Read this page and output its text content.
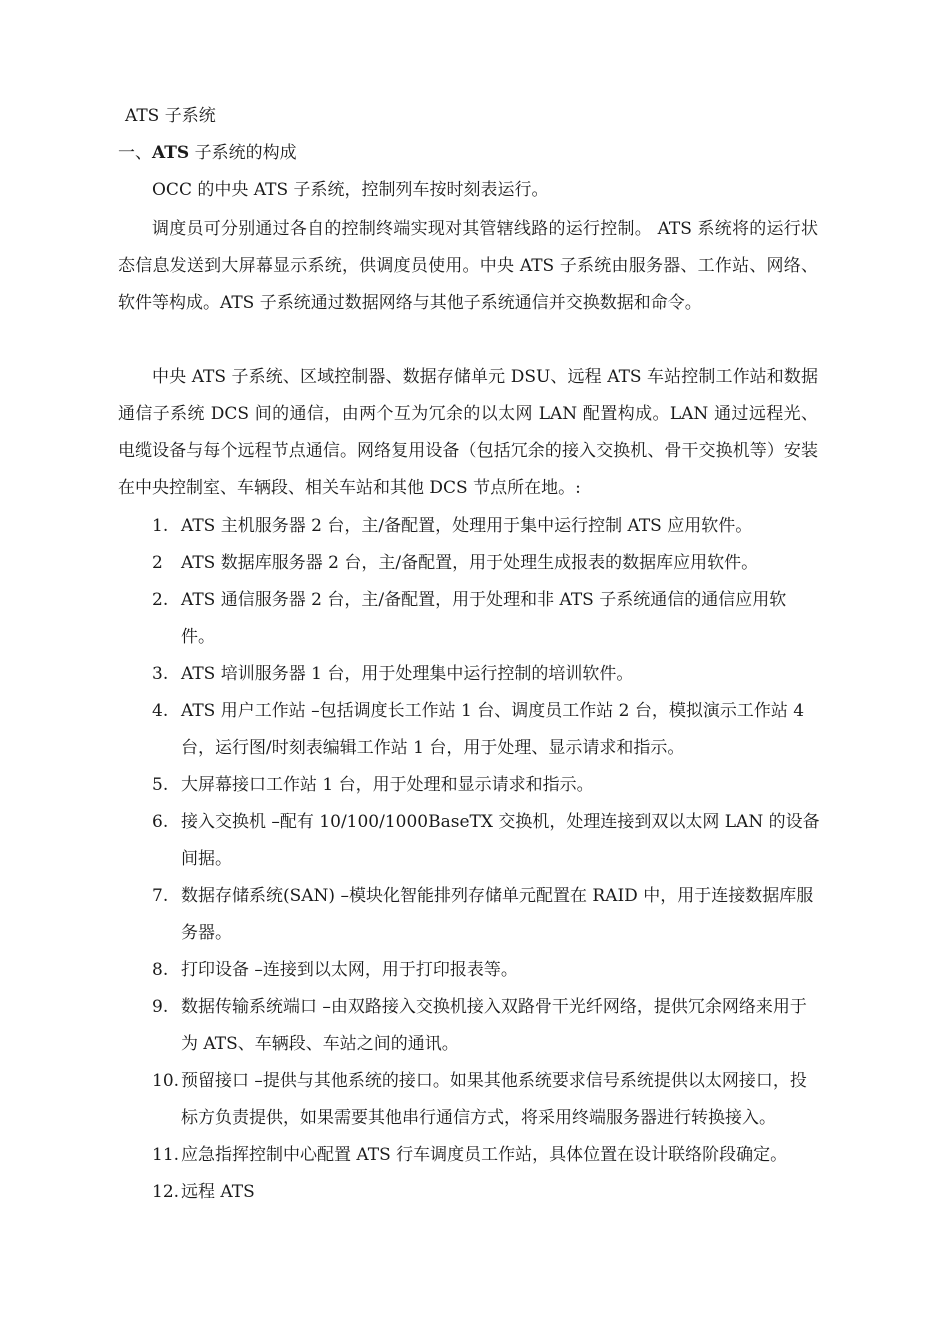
ATS 子系统
一、ATS 子系统的构成

OCC 的中央 ATS 子系统，控制列车按时刻表运行。

调度员可分别通过各自的控制终端实现对其管辖线路的运行控制。 ATS 系统将的运行状态信息发送到大屏幕显示系统，供调度员使用。中央 ATS 子系统由服务器、工作站、网络、软件等构成。ATS 子系统通过数据网络与其他子系统通信并交换数据和命令。

中央 ATS 子系统、区域控制器、数据存储单元 DSU、远程 ATS 车站控制工作站和数据通信子系统 DCS 间的通信，由两个互为冗余的以太网 LAN 配置构成。LAN 通过远程光、电缆设备与每个远程节点通信。网络复用设备（包括冗余的接入交换机、骨干交换机等）安装在中央控制室、车辆段、相关车站和其他 DCS 节点所在地。:

1. ATS 主机服务器 2 台，主/备配置，处理用于集中运行控制 ATS 应用软件。
2 ATS 数据库服务器 2 台，主/备配置，用于处理生成报表的数据库应用软件。
2. ATS 通信服务器 2 台，主/备配置，用于处理和非 ATS 子系统通信的通信应用软件。
3. ATS 培训服务器 1 台，用于处理集中运行控制的培训软件。
4. ATS 用户工作站 –包括调度长工作站 1 台、调度员工作站 2 台，模拟演示工作站 4 台，运行图/时刻表编辑工作站 1 台，用于处理、显示请求和指示。
5. 大屏幕接口工作站 1 台，用于处理和显示请求和指示。
6. 接入交换机 –配有 10/100/1000BaseTX 交换机，处理连接到双以太网 LAN 的设备间据。
7. 数据存储系统(SAN) –模块化智能排列存储单元配置在 RAID 中，用于连接数据库服务器。
8. 打印设备 –连接到以太网，用于打印报表等。
9. 数据传输系统端口 –由双路接入交换机接入双路骨干光纤网络，提供冗余网络来用于为 ATS、车辆段、车站之间的通讯。
10. 预留接口 –提供与其他系统的接口。如果其他系统要求信号系统提供以太网接口，投标方负责提供，如果需要其他串行通信方式，将采用终端服务器进行转换接入。
11. 应急指挥控制中心配置 ATS 行车调度员工作站，具体位置在设计联络阶段确定。
12. 远程 ATS
